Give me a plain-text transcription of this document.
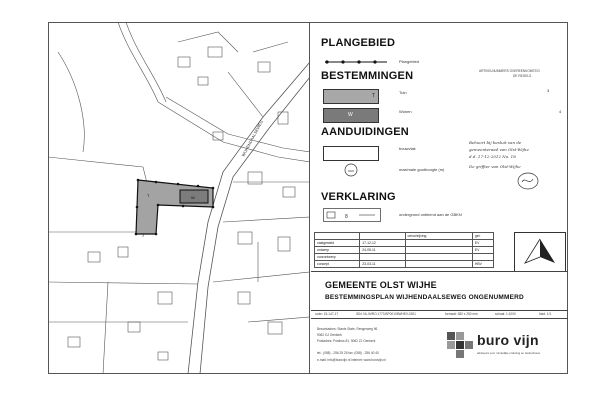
T	W
WIJHENDAALSEWEG
PLANGEBIED
Plangebied
BESTEMMINGEN	ARTIKELNUMMERS OVEREENKOMSTIG
DE REGELS
T
Tuin	3
W
Wonen	4
AANDUIDINGEN
bouwvlak
maximale goothoogte (m)
Behoort bij besluit van de
gemeenteraad van Olst-Wijhe
d.d. 17-12-2012 No. 18
De griffier van Olst-Wijhe
VERKLARING
8	ondergrond ontleend aan de GBKN
		omschrijving	get.
vastgesteld	17-12-12		EV
ontwerp	24-05-11		EV
voorontwerp			
concept	23-03-11		HBV
GEMEENTE OLST WIJHE
BESTEMMINGSPLAN WIJHENDAALSEWEG ONGENUMMERD
code: 15-147-17	IDN: NL.IMRO.1773.BP00105WHE0-0301	formaat: 380 x 250 mm	schaal: 1:1000	blad: 1/1
Bezoekadres: Stanle State, Rengerweg 96
9062 GJ Oenkerk
Postadres: Postbus 81, 9062 ZJ Oenkerk
tel.: (058) - 256 25 25 fax: (058) - 256 40 40
e-mail: info@burovijn.nl internet: www.burovijn.nl
buro vijn
adviseurs voor ruimtelijke ordening en stedenbouw
